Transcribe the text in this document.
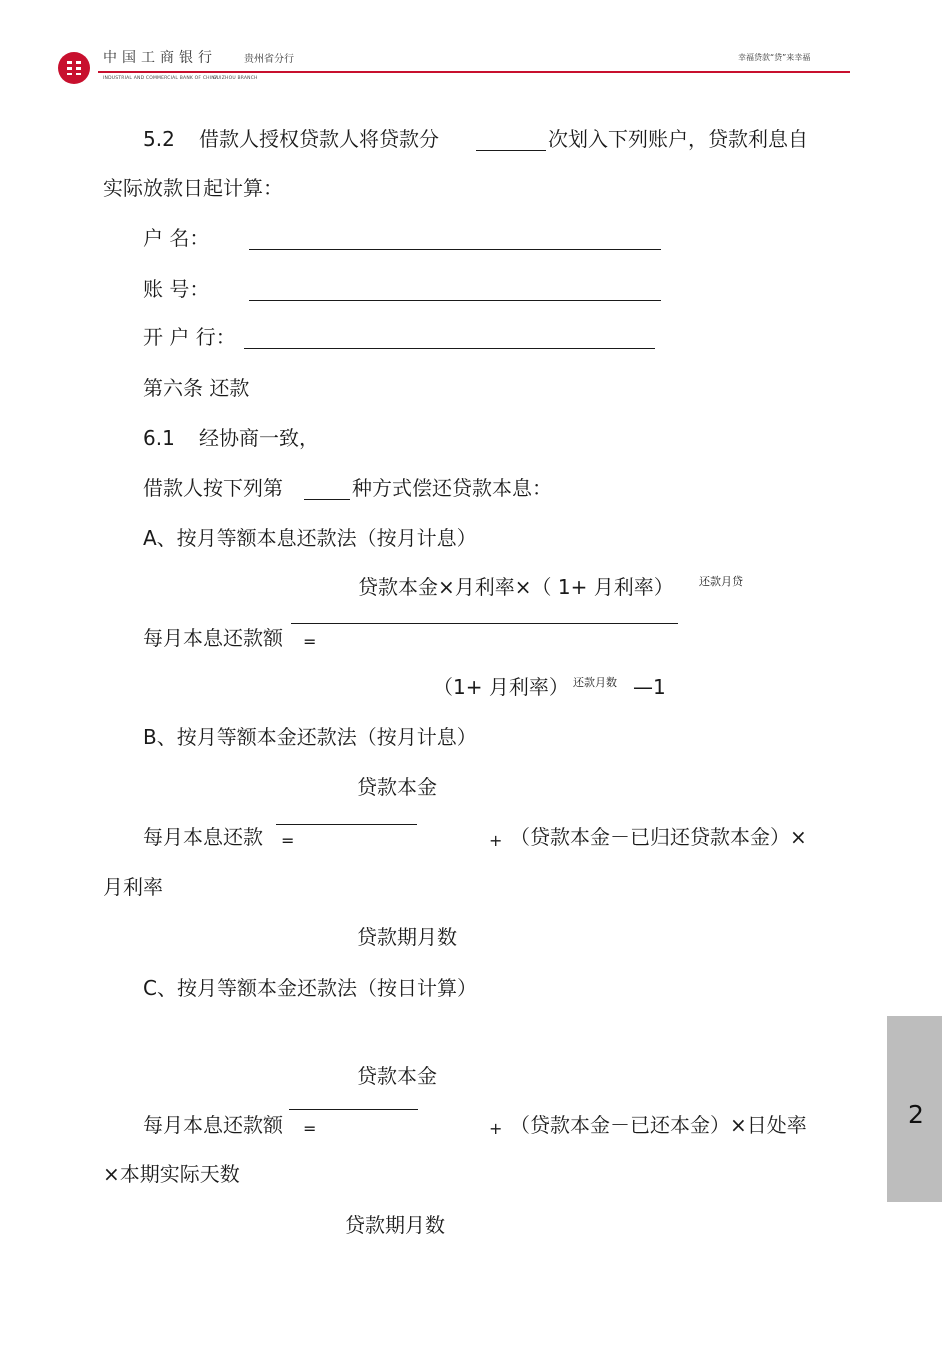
中国工商银行	贵州省分行
INDUSTRIAL AND COMMERCIAL BANK OF CHINA
GUIZHOU BRANCH
幸福贷款“贷”来幸福
5.2 借款人授权贷款人将贷款分	次划入下列账户，贷款利息自
实际放款日起计算：
户 名：
账 号：
开 户 行：
第六条 还款
6.1 经协商一致，
借款人按下列第	种方式偿还贷款本息：
A、按月等额本息还款法（按月计息）
贷款本金×月利率×（ 1+ 月利率） 还款月贷
每月本息还款额 =
（1+ 月利率） 还款月数 —1
B、按月等额本金还款法（按月计息）
贷款本金
每月本息还款 =	+ （贷款本金－已归还贷款本金）×
月利率
贷款期月数
C、按月等额本金还款法（按日计算）
贷款本金
每月本息还款额 =	+ （贷款本金－已还本金）×日处率
×本期实际天数
贷款期月数
2
